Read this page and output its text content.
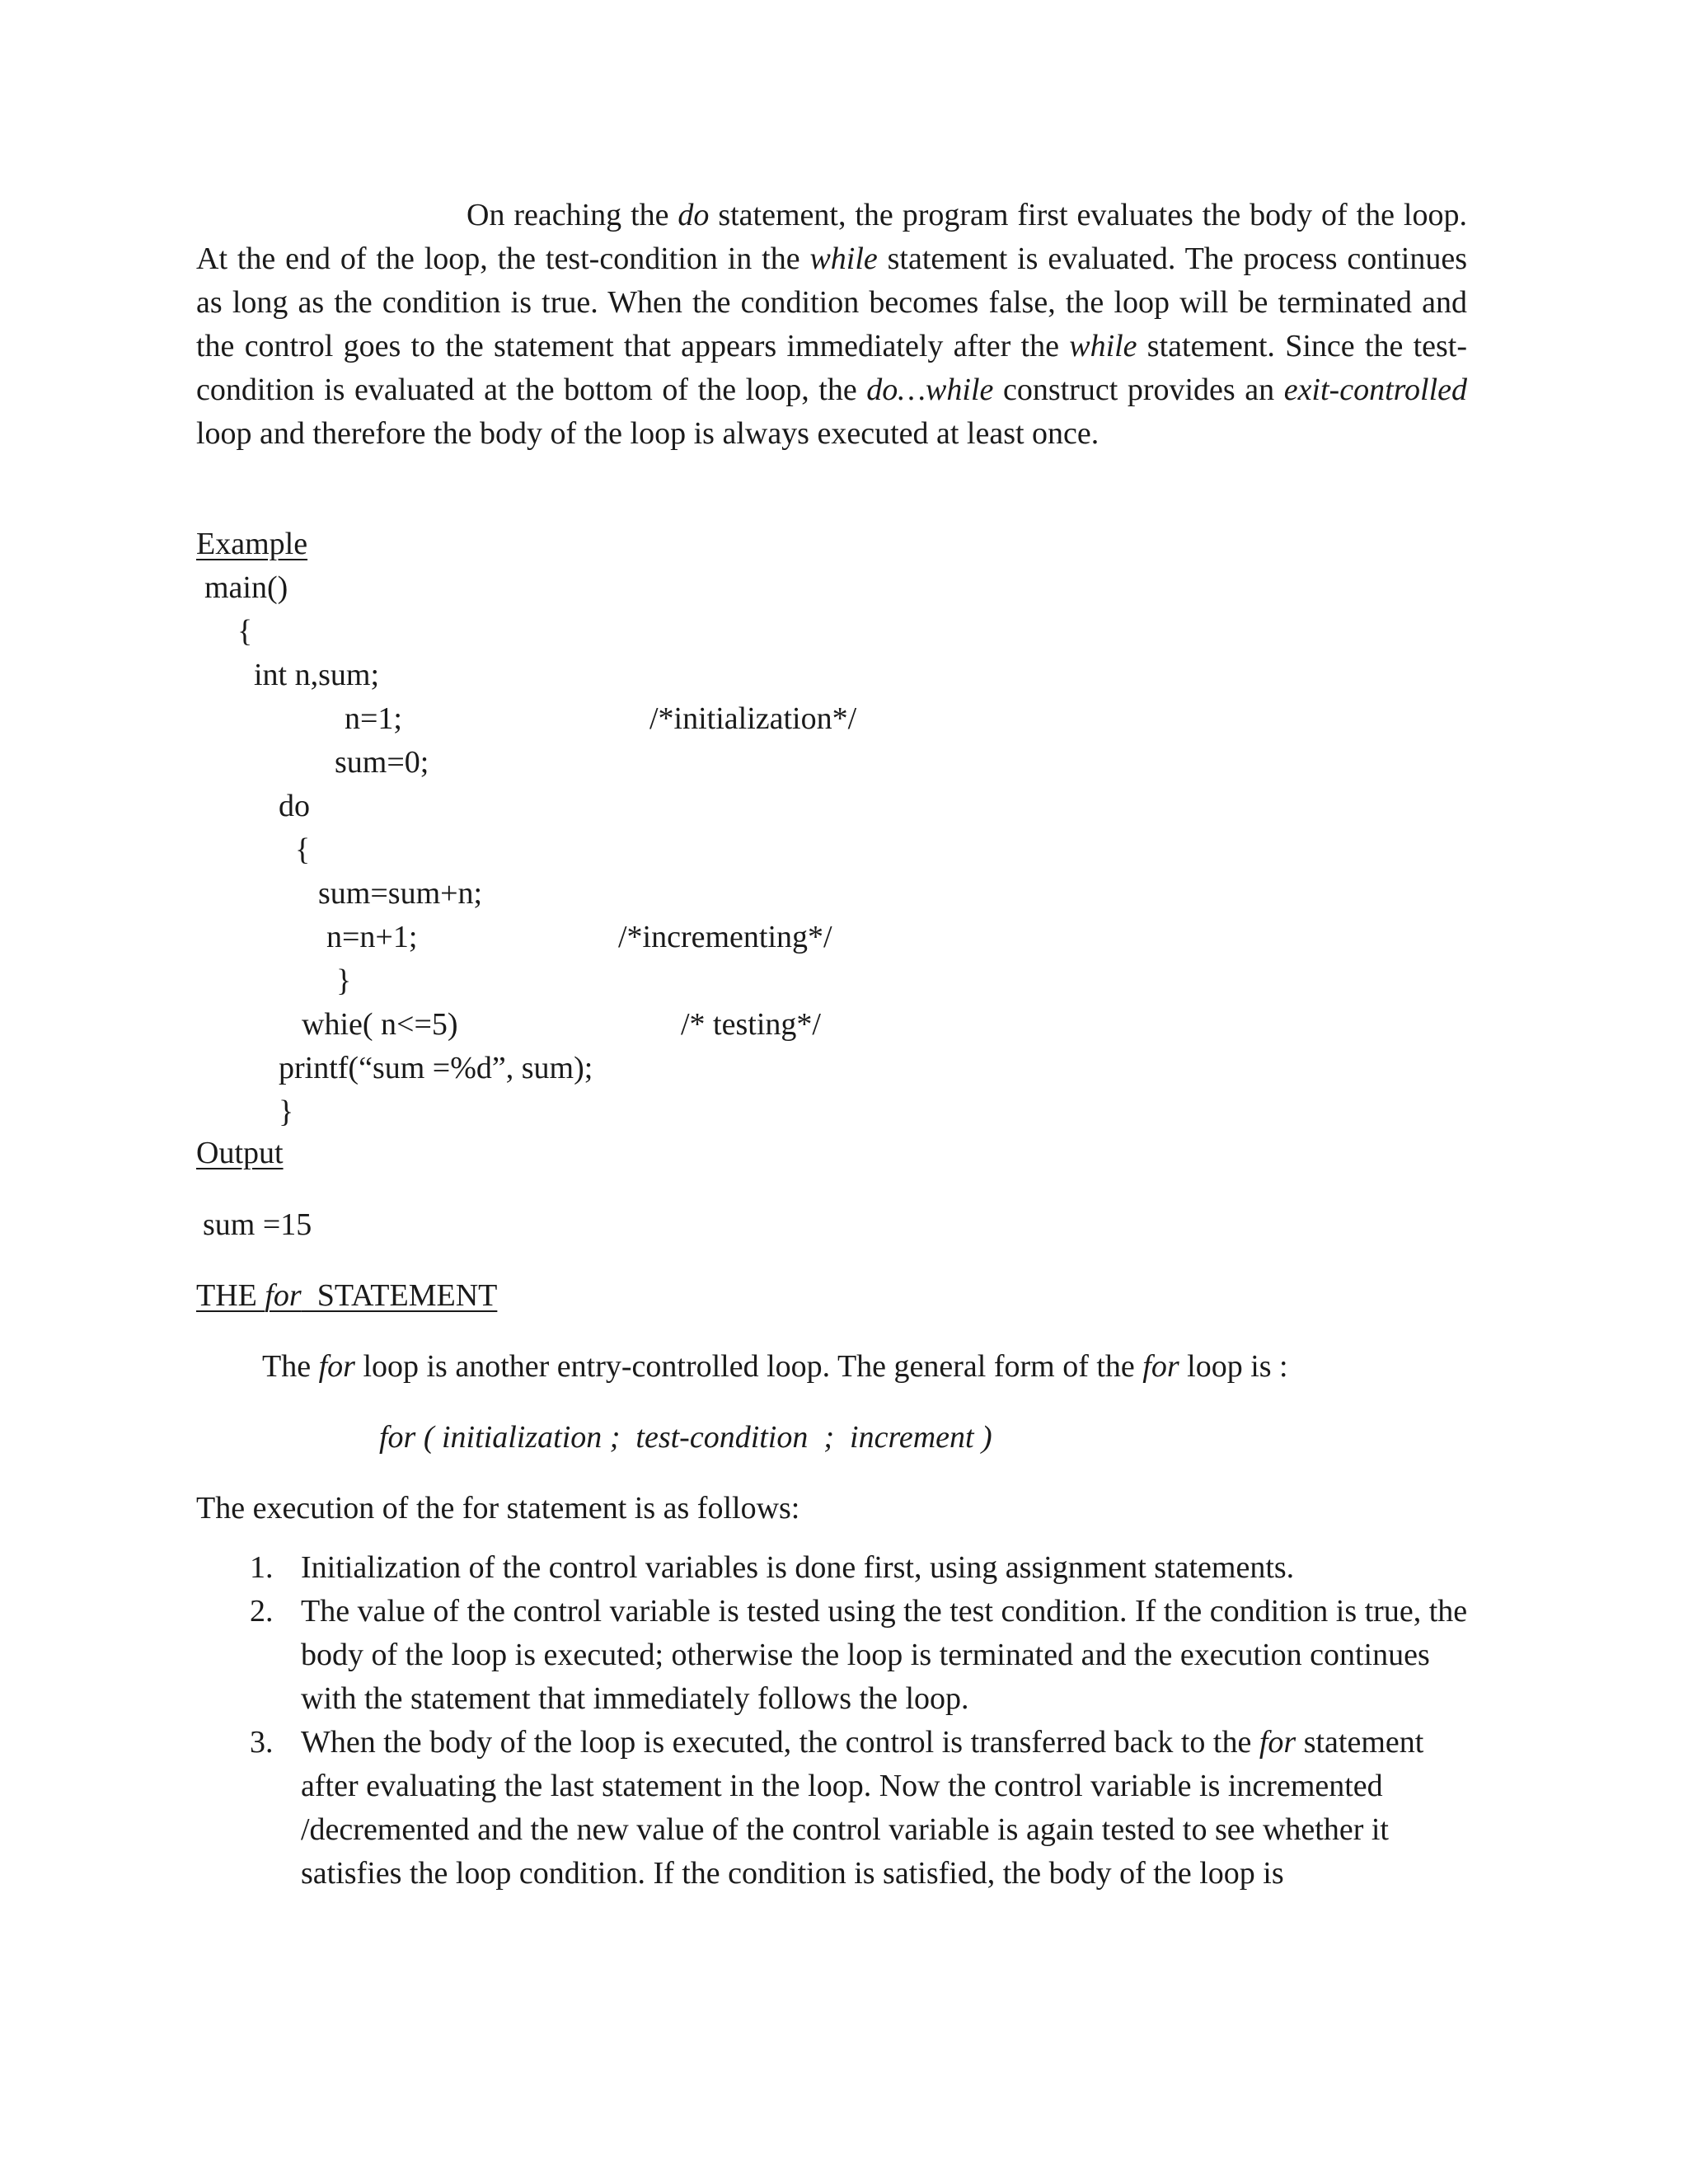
On reaching the do statement, the program first evaluates the body of the loop. At the end of the loop, the test-condition in the while statement is evaluated. The process continues as long as the condition is true. When the condition becomes false, the loop will be terminated and the control goes to the statement that appears immediately after the while statement. Since the test-condition is evaluated at the bottom of the loop, the do…while construct provides an exit-controlled loop and therefore the body of the loop is always executed at least once.

Example
main()
{
int n,sum;
n=1;	/*initialization*/
sum=0;
do
{
sum=sum+n;
n=n+1;	/*incrementing*/
}
whie( n<=5)	/* testing*/
printf(“sum =%d”, sum);
}
Output
sum =15
THE for  STATEMENT
The for loop is another entry-controlled loop. The general form of the for loop is :
for ( initialization ;  test-condition  ;  increment )
The execution of the for statement is as follows:
1. Initialization of the control variables is done first, using assignment statements.
2. The value of the control variable is tested using the test condition. If the condition is true, the body of the loop is executed; otherwise the loop is terminated and the execution continues with the statement that immediately follows the loop.
3. When the body of the loop is executed, the control is transferred back to the for statement after evaluating the last statement in the loop. Now the control variable is incremented /decremented and the new value of the control variable is again tested to see whether it satisfies the loop condition. If the condition is satisfied, the body of the loop is
